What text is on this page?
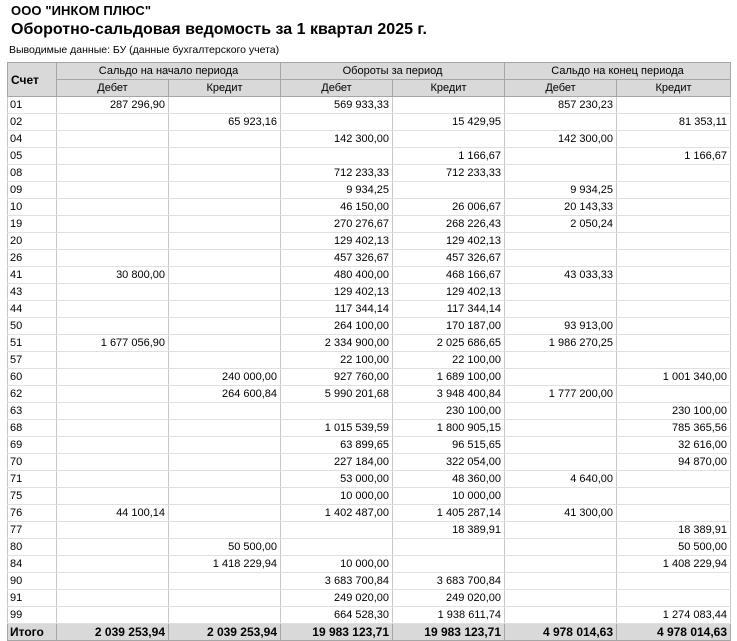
ООО "ИНКОМ ПЛЮС"
Оборотно-сальдовая ведомость за 1 квартал 2025 г.
Выводимые данные: БУ (данные бухгалтерского учета)
Счет	Сальдо на начало периода		Обороты за период		Сальдо на конец периода	
	Дебет	Кредит	Дебет	Кредит	Дебет	Кредит
01	287 296,90		569 933,33		857 230,23	
02		65 923,16		15 429,95		81 353,11
04			142 300,00		142 300,00	
05				1 166,67		1 166,67
08			712 233,33	712 233,33		
09			9 934,25		9 934,25	
10			46 150,00	26 006,67	20 143,33	
19			270 276,67	268 226,43	2 050,24	
20			129 402,13	129 402,13		
26			457 326,67	457 326,67		
41	30 800,00		480 400,00	468 166,67	43 033,33	
43			129 402,13	129 402,13		
44			117 344,14	117 344,14		
50			264 100,00	170 187,00	93 913,00	
51	1 677 056,90		2 334 900,00	2 025 686,65	1 986 270,25	
57			22 100,00	22 100,00		
60		240 000,00	927 760,00	1 689 100,00		1 001 340,00
62		264 600,84	5 990 201,68	3 948 400,84	1 777 200,00	
63				230 100,00		230 100,00
68			1 015 539,59	1 800 905,15		785 365,56
69			63 899,65	96 515,65		32 616,00
70			227 184,00	322 054,00		94 870,00
71			53 000,00	48 360,00	4 640,00	
75			10 000,00	10 000,00		
76	44 100,14		1 402 487,00	1 405 287,14	41 300,00	
77				18 389,91		18 389,91
80		50 500,00				50 500,00
84		1 418 229,94	10 000,00			1 408 229,94
90			3 683 700,84	3 683 700,84		
91			249 020,00	249 020,00		
99			664 528,30	1 938 611,74		1 274 083,44
Итого	2 039 253,94	2 039 253,94	19 983 123,71	19 983 123,71	4 978 014,63	4 978 014,63
